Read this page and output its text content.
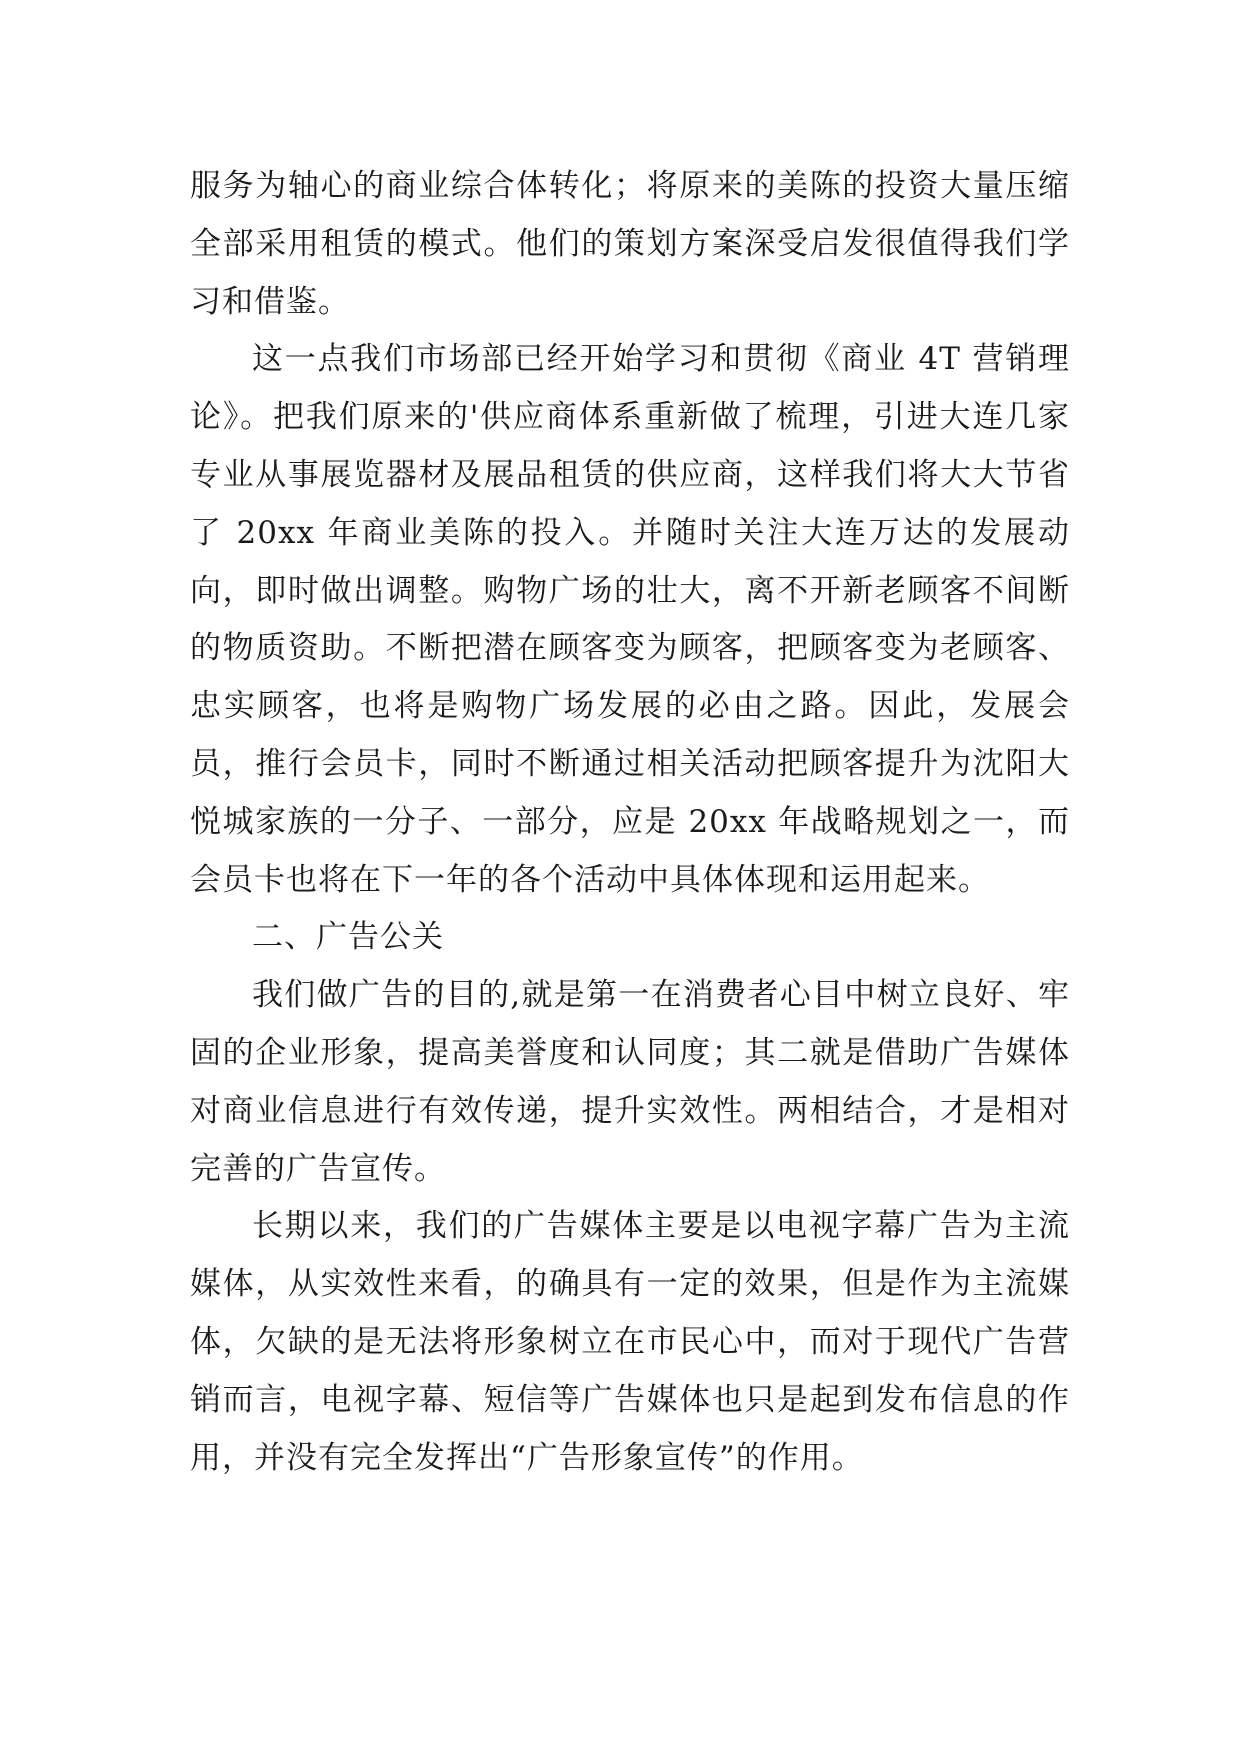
服务为轴心的商业综合体转化；将原来的美陈的投资大量压缩全部采用租赁的模式。他们的策划方案深受启发很值得我们学习和借鉴。

这一点我们市场部已经开始学习和贯彻《商业 4T 营销理论》。把我们原来的'供应商体系重新做了梳理，引进大连几家专业从事展览器材及展品租赁的供应商，这样我们将大大节省了 20xx 年商业美陈的投入。并随时关注大连万达的发展动向，即时做出调整。购物广场的壮大，离不开新老顾客不间断的物质资助。不断把潜在顾客变为顾客，把顾客变为老顾客、忠实顾客，也将是购物广场发展的必由之路。因此，发展会员，推行会员卡，同时不断通过相关活动把顾客提升为沈阳大悦城家族的一分子、一部分，应是 20xx 年战略规划之一，而会员卡也将在下一年的各个活动中具体体现和运用起来。

二、广告公关

我们做广告的目的,就是第一在消费者心目中树立良好、牢固的企业形象，提高美誉度和认同度；其二就是借助广告媒体对商业信息进行有效传递，提升实效性。两相结合，才是相对完善的广告宣传。

长期以来，我们的广告媒体主要是以电视字幕广告为主流媒体，从实效性来看，的确具有一定的效果，但是作为主流媒体，欠缺的是无法将形象树立在市民心中，而对于现代广告营销而言，电视字幕、短信等广告媒体也只是起到发布信息的作用，并没有完全发挥出“广告形象宣传”的作用。
